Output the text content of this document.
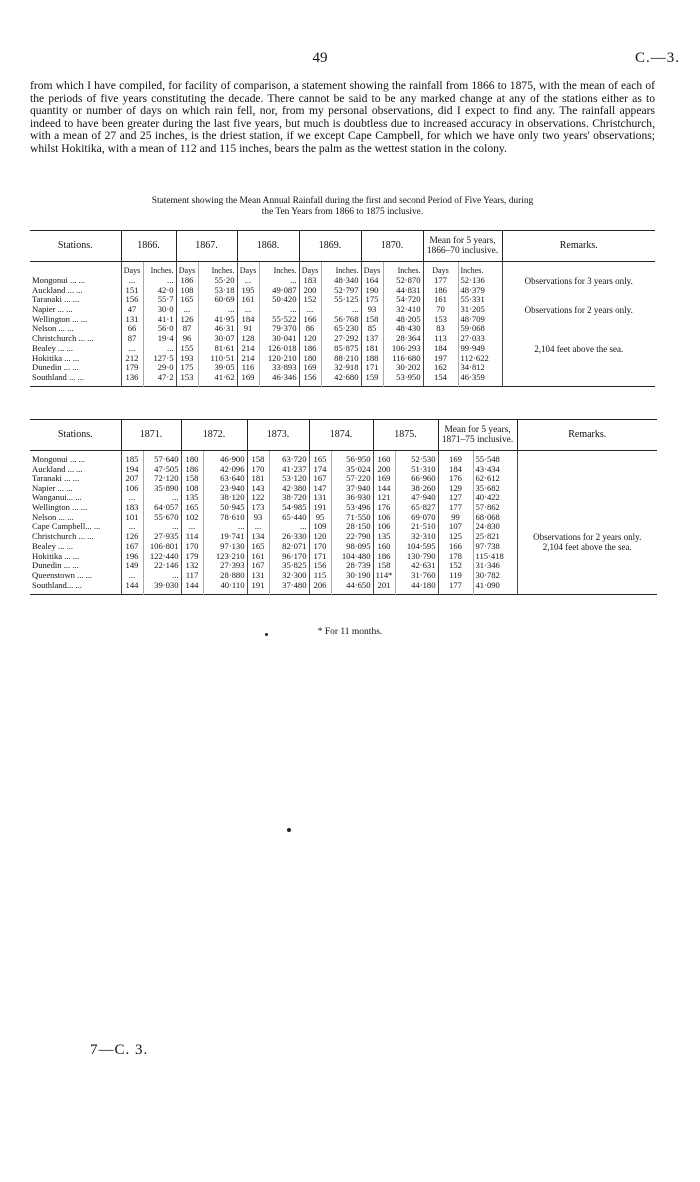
49	C.—3.
from which I have compiled, for facility of comparison, a statement showing the rainfall from 1866 to 1875, with the mean of each of the periods of five years constituting the decade. There cannot be said to be any marked change at any of the stations either as to quantity or number of days on which rain fell, nor, from my personal observations, did I expect to find any. The rainfall appears indeed to have been greater during the last five years, but much is doubtless due to increased accuracy in observations. Christchurch, with a mean of 27 and 25 inches, is the driest station, if we except Cape Campbell, for which we have only two years' observations; whilst Hokitika, with a mean of 112 and 115 inches, bears the palm as the wettest station in the colony.
Statement showing the Mean Annual Rainfall during the first and second Period of Five Years, during
the Ten Years from 1866 to 1875 inclusive.
Stations.	1866.		1867.		1868.		1869.		1870.		Mean for 5 years, 1866–70 inclusive.		Remarks.
	Days	Inches.	Days	Inches.	Days	Inches.	Days	Inches.	Days	Inches.	Days	Inches.	
Mongonui ... ...	...	...	186	55·20	...	...	183	48·340	164	52·870	177	52·136	Observations for 3 years only.
Auckland ... ...	151	42·0	108	53·18	195	49·087	200	52·797	190	44·831	186	48·379	
Taranaki ... ...	156	55·7	165	60·69	161	50·420	152	55·125	175	54·720	161	55·331	
Napier ... ...	47	30·0	...	...	...	...	...	...	93	32·410	70	31·205	Observations for 2 years only.
Wellington ... ...	131	41·1	126	41·95	184	55·522	166	56·768	158	48·205	153	48·709	
Nelson ... ...	66	56·0	87	46·31	91	79·370	86	65·230	85	48·430	83	59·068	
Christchurch ... ...	87	19·4	96	30·07	128	30·041	120	27·292	137	28·364	113	27·033	
Bealey ... ...	...	...	155	81·61	214	126·018	186	85·875	181	106·293	184	99·949	2,104 feet above the sea.
Hokitika ... ...	212	127·5	193	110·51	214	120·210	180	88·210	188	116·680	197	112·622	
Dunedin ... ...	179	29·0	175	39·05	116	33·893	169	32·918	171	30·202	162	34·812	
Southland ... ...	136	47·2	153	41·62	169	46·346	156	42·680	159	53·950	154	46·359	
Stations.	1871.		1872.		1873.		1874.		1875.		Mean for 5 years, 1871–75 inclusive.		Remarks.

Mongonui ... ...	185	57·640	180	46·900	158	63·720	165	56·950	160	52·530	169	55·548	
Auckland ... ...	194	47·505	186	42·096	170	41·237	174	35·024	200	51·310	184	43·434	
Taranaki ... ...	207	72·120	158	63·640	181	53·120	167	57·220	169	66·960	176	62·612	
Napier ... ...	106	35·890	108	23·940	143	42·380	147	37·940	144	38·260	129	35·682	
Wanganui... ...	...	...	135	38·120	122	38·720	131	36·930	121	47·940	127	40·422	
Wellington ... ...	183	64·057	165	50·945	173	54·985	191	53·496	176	65·827	177	57·862	
Nelson ... ...	101	55·670	102	78·610	93	65·440	95	71·550	106	69·070	99	68·068	
Cape Campbell... ...	...	...	...	...	...	...	109	28·150	106	21·510	107	24·830	
Christchurch ... ...	126	27·935	114	19·741	134	26·330	120	22·790	135	32·310	125	25·821	Observations for 2 years only.
Bealey ... ...	167	106·801	170	97·130	165	82·071	170	98·095	160	104·595	166	97·738	2,104 feet above the sea.
Hokitika ... ...	196	122·440	179	123·210	161	96·170	171	104·480	186	130·790	178	115·418	
Dunedin ... ...	149	22·146	132	27·393	167	35·825	156	28·739	158	42·631	152	31·346	
Queenstown ... ...	...	...	117	28·880	131	32·300	115	30·190	114*	31·760	119	30·782	
Southland... ...	144	39·030	144	40·110	191	37·480	206	44·650	201	44·180	177	41·090	
* For 11 months.
7—C. 3.
